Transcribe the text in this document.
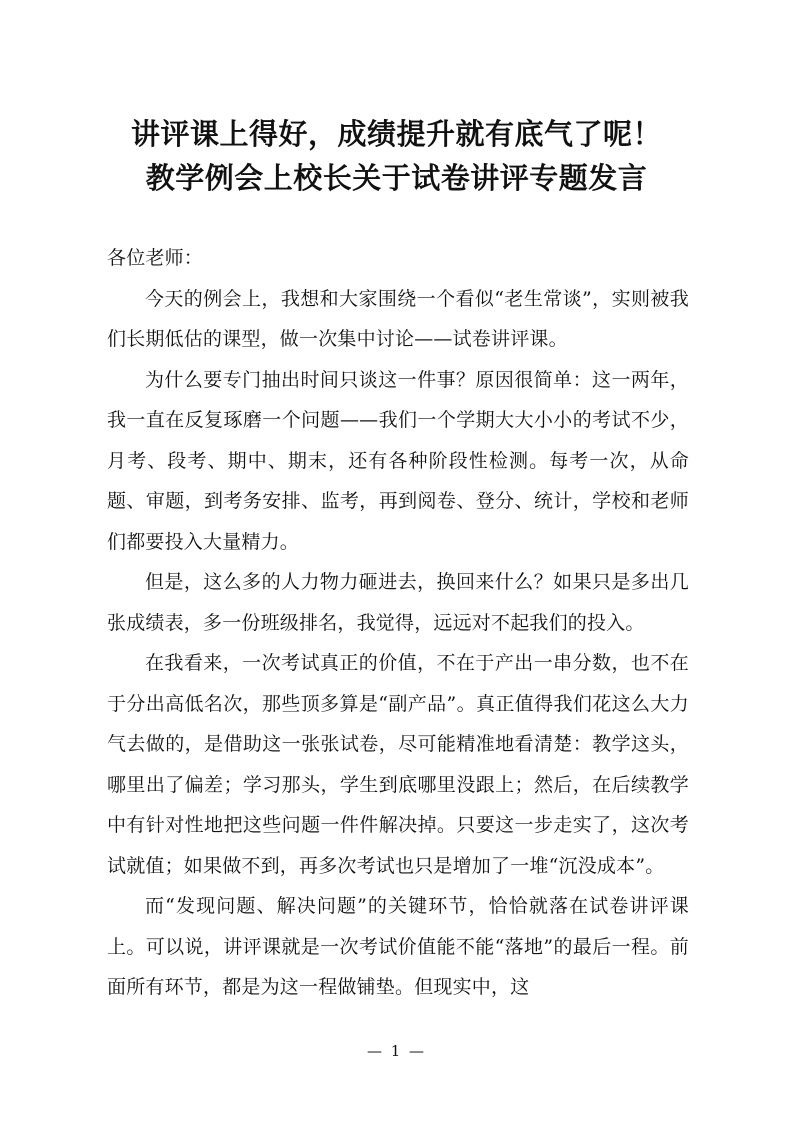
讲评课上得好，成绩提升就有底气了呢！
教学例会上校长关于试卷讲评专题发言

各位老师：

今天的例会上，我想和大家围绕一个看似“老生常谈”，实则被我们长期低估的课型，做一次集中讨论——试卷讲评课。

为什么要专门抽出时间只谈这一件事？原因很简单：这一两年，我一直在反复琢磨一个问题——我们一个学期大大小小的考试不少，月考、段考、期中、期末，还有各种阶段性检测。每考一次，从命题、审题，到考务安排、监考，再到阅卷、登分、统计，学校和老师们都要投入大量精力。

但是，这么多的人力物力砸进去，换回来什么？如果只是多出几张成绩表，多一份班级排名，我觉得，远远对不起我们的投入。

在我看来，一次考试真正的价值，不在于产出一串分数，也不在于分出高低名次，那些顶多算是“副产品”。真正值得我们花这么大力气去做的，是借助这一张张试卷，尽可能精准地看清楚：教学这头，哪里出了偏差；学习那头，学生到底哪里没跟上；然后，在后续教学中有针对性地把这些问题一件件解决掉。只要这一步走实了，这次考试就值；如果做不到，再多次考试也只是增加了一堆“沉没成本”。

而“发现问题、解决问题”的关键环节，恰恰就落在试卷讲评课上。可以说，讲评课就是一次考试价值能不能“落地”的最后一程。前面所有环节，都是为这一程做铺垫。但现实中，这

— 1 —
